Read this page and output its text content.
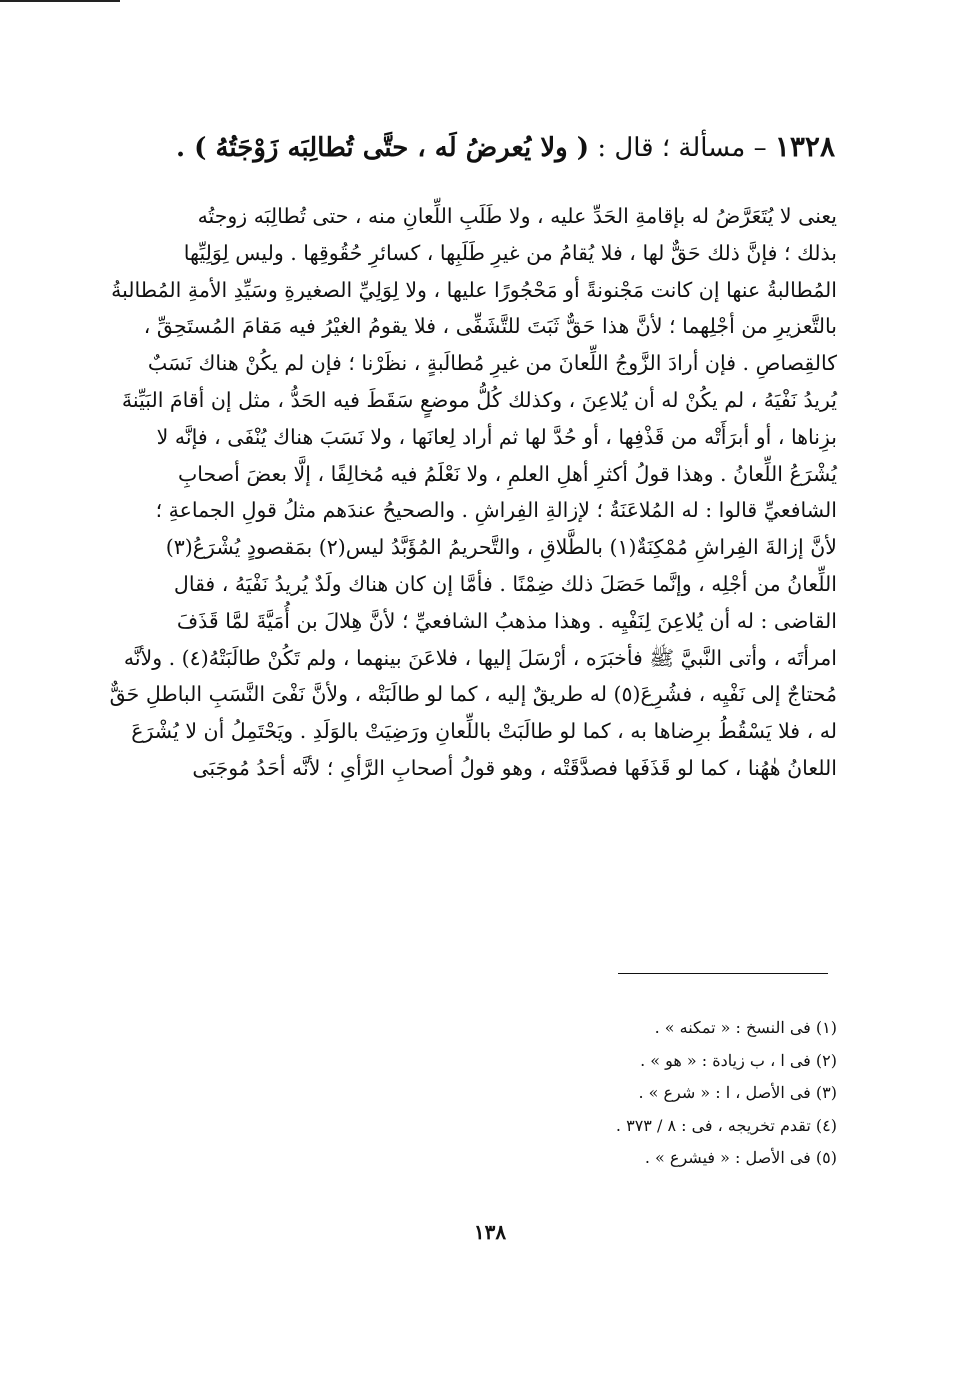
١٣٢٨ – مسألة ؛ قال : ( ولا يُعرضُ لَه ، حتَّى تُطالِبَه زَوْجَتُهُ ) .
يعنى لا يُتَعَرَّضُ له بإقامةِ الحَدِّ عليه ، ولا طَلَبِ اللِّعانِ منه ، حتى تُطالِبَه زوجتُه
بذلك ؛ فإنَّ ذلك حَقٌّ لها ، فلا يُقامُ من غيرِ طَلَبِها ، كسائرِ حُقُوقِها . وليس لِوَلِيِّها
المُطالبةُ عنها إن كانت مَجْنونةً أو مَحْجُورًا عليها ، ولا لِوَلِيِّ الصغيرةِ وسَيِّدِ الأمةِ المُطالبةُ
بالتَّعزيرِ من أجْلِهما ؛ لأنَّ هذا حَقٌّ ثَبَتَ للتَّشَفِّى ، فلا يقومُ الغيْرُ فيه مَقامَ المُستَحِقِّ ،
كالقِصاصِ . فإن أرادَ الزَّوجُ اللِّعانَ من غيرِ مُطالَبةٍ ، نظَرْنا ؛ فإن لم يكُنْ هناك نَسَبٌ
يُريدُ نَفْيَهُ ، لم يكُنْ له أن يُلاعِنَ ، وكذلك كُلُّ موضعٍ سَقَطَ فيه الحَدُّ ، مثل إن أقامَ البَيِّنةَ
بزِناها ، أو أبرَأَتْه من قَذْفِها ، أو حُدَّ لها ثم أراد لِعانَها ، ولا نَسَبَ هناك يُنْفَى ، فإنَّه لا
يُشْرَعُ اللِّعانُ . وهذا قولُ أكثرِ أهلِ العلمِ ، ولا نَعْلَمُ فيه مُخالِفًا ، إلَّا بعضَ أصحابِ
الشافعيِّ قالوا : له المُلاعَنَةُ ؛ لإزالةِ الفِراشِ . والصحيحُ عندَهم مثلُ قولِ الجماعةِ ؛
لأنَّ إزالةَ الفِراشِ مُمْكِنَةٌ(١) بالطَّلاقِ ، والتَّحريمُ المُؤَبَّدُ ليس(٢) بمَقصودٍ يُشْرَعُ(٣)
اللِّعانُ من أجْلِه ، وإنَّما حَصَلَ ذلك ضِمْنًا . فأمَّا إن كان هناك ولَدٌ يُريدُ نَفْيَهُ ، فقال
القاضى : له أن يُلاعِنَ لِنَفْيِه . وهذا مذهبُ الشافعيِّ ؛ لأنَّ هِلالَ بن أُمَيَّةَ لمَّا قَذَفَ
امرأتَه ، وأتى النَّبيَّ ﷺ فأخبَرَه ، أرْسَلَ إليها ، فلاعَنَ بينهما ، ولم تَكُنْ طالَبَتْهُ(٤) . ولأنَّه
مُحتاجٌ إلى نَفْيِه ، فشُرِعَ(٥) له طريقٌ إليه ، كما لو طالَبَتْه ، ولأنَّ نَفْىَ النَّسَبِ الباطلِ حَقٌّ
له ، فلا يَسْقُطُ برِضاها به ، كما لو طالَبَتْ باللِّعانِ ورَضِيَتْ بالوَلَدِ . ويَحْتَمِلُ أن لا يُشْرَعَ
اللعانُ هٰهُنا ، كما لو قَذَفَها فصدَّقَتْه ، وهو قولُ أصحابِ الرَّأىِ ؛ لأنَّه أحَدُ مُوجَبَى
(١) فى النسخ : « تمكنه » .
(٢) فى ا ، ب زيادة : « هو » .
(٣) فى الأصل ، ا : « شرع » .
(٤) تقدم تخريجه ، فى : ٨ / ٣٧٣ .
(٥) فى الأصل : « فيشرع » .
١٣٨
